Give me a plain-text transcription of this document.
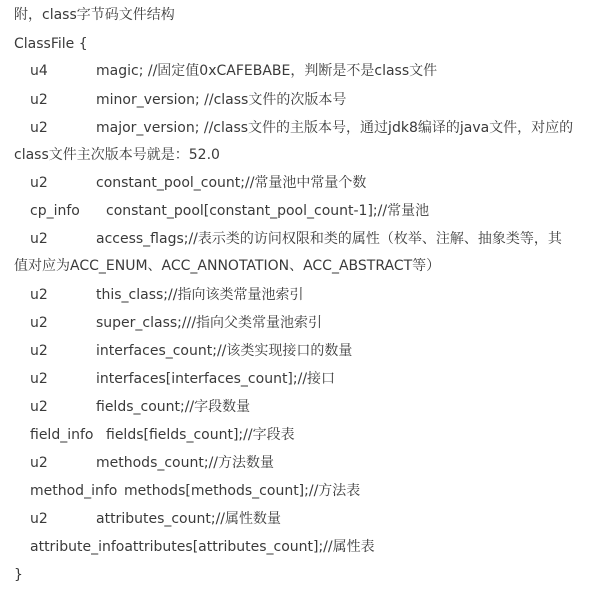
附，class字节码文件结构
ClassFile {
u4	magic; //固定值0xCAFEBABE，判断是不是class文件
u2	minor_version; //class文件的次版本号
u2	major_version; //class文件的主版本号，通过jdk8编译的java文件，对应的
class文件主次版本号就是：52.0
u2	constant_pool_count;//常量池中常量个数
cp_info constant_pool[constant_pool_count-1];//常量池
u2	access_flags;//表示类的访问权限和类的属性（枚举、注解、抽象类等，其
值对应为ACC_ENUM、ACC_ANNOTATION、ACC_ABSTRACT等）
u2	this_class;//指向该类常量池索引
u2	super_class;///指向父类常量池索引
u2	interfaces_count;//该类实现接口的数量
u2	interfaces[interfaces_count];//接口
u2	fields_count;//字段数量
field_info fields[fields_count];//字段表
u2	methods_count;//方法数量
method_info methods[methods_count];//方法表
u2	attributes_count;//属性数量
attribute_infoattributes[attributes_count];//属性表
}
